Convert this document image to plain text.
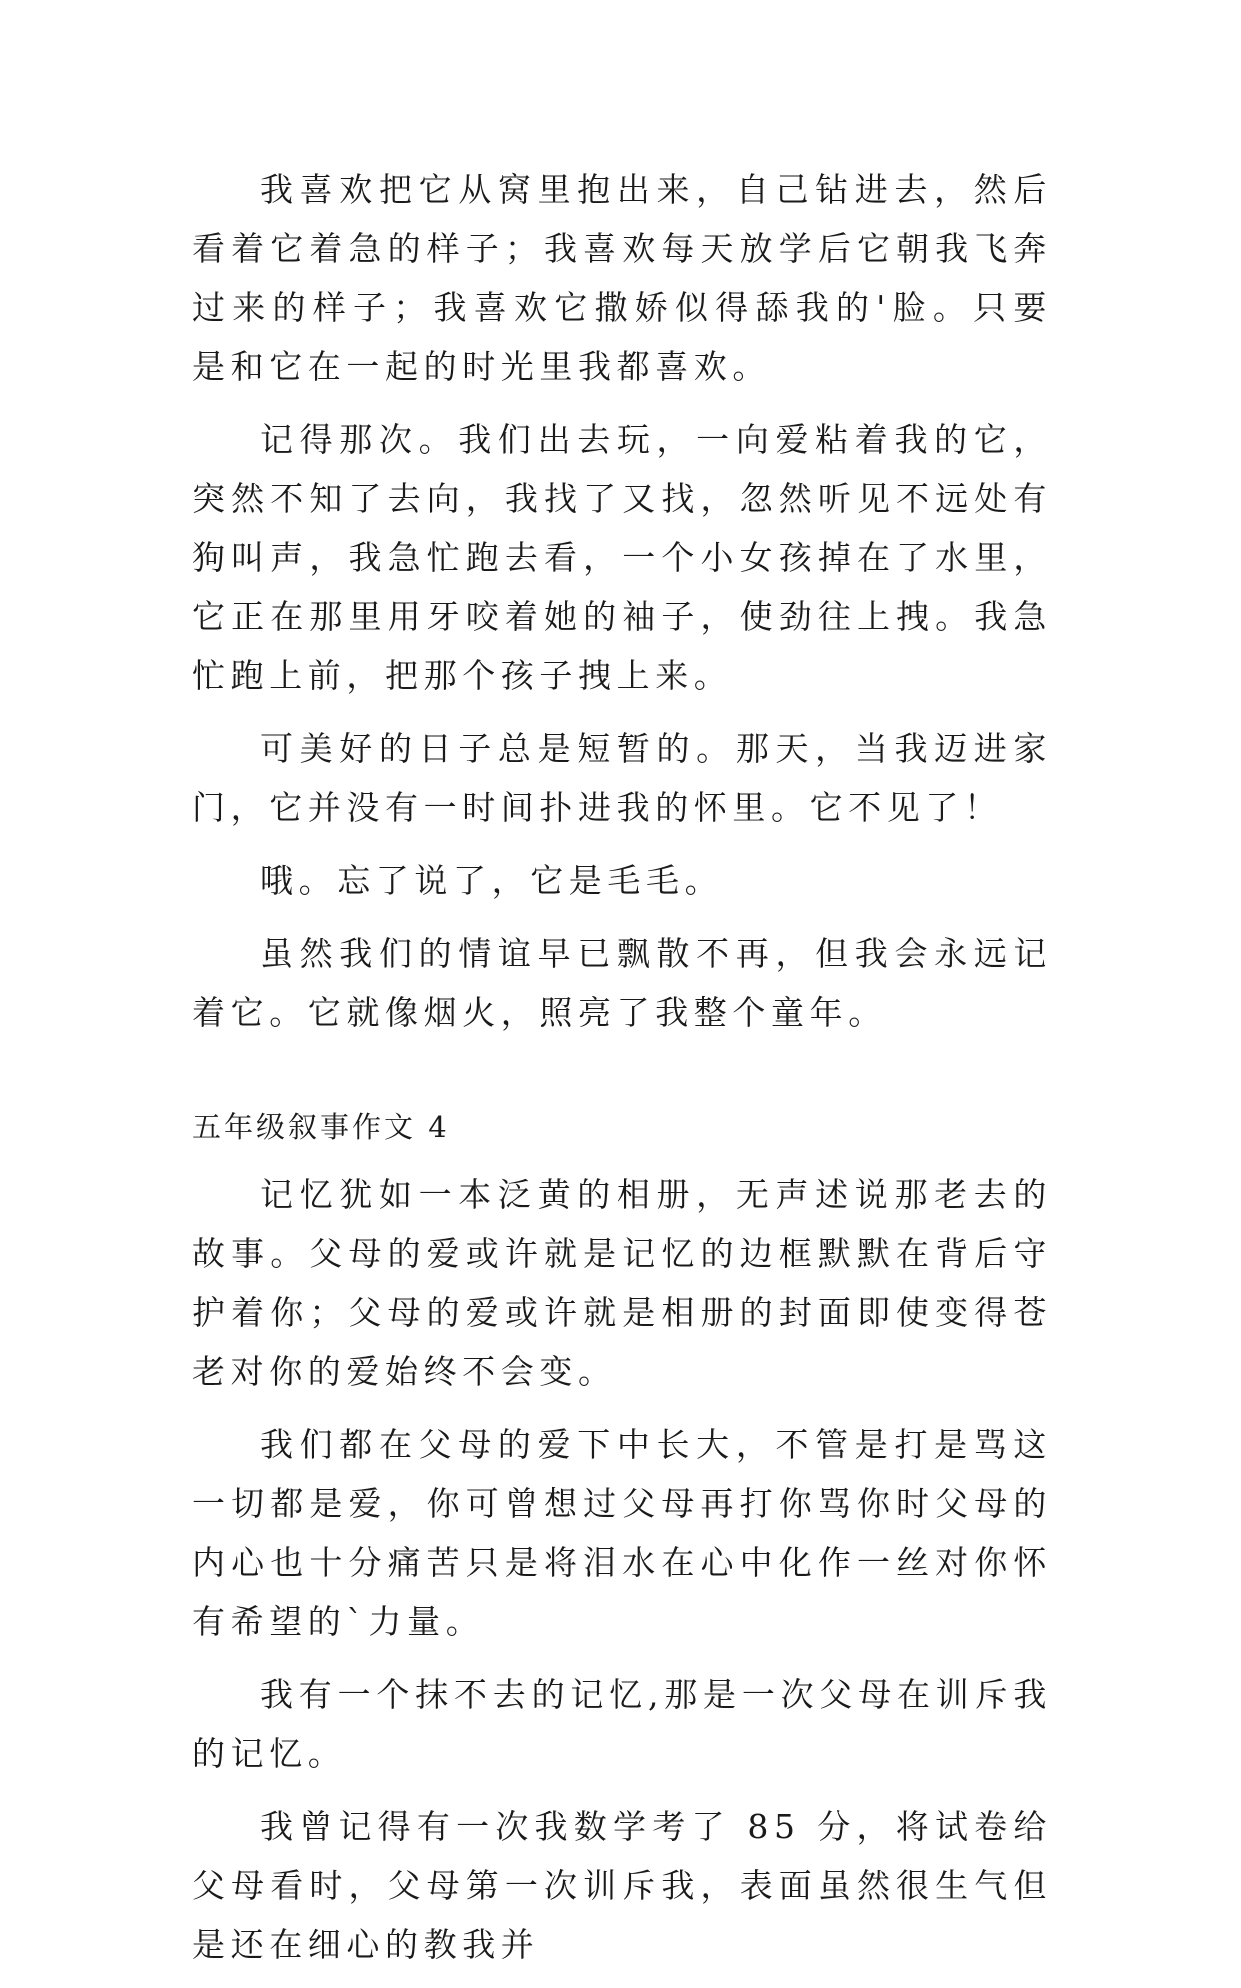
我喜欢把它从窝里抱出来，自己钻进去，然后看着它着急的样子；我喜欢每天放学后它朝我飞奔过来的样子；我喜欢它撒娇似得舔我的'脸。只要是和它在一起的时光里我都喜欢。

记得那次。我们出去玩，一向爱粘着我的它，突然不知了去向，我找了又找，忽然听见不远处有狗叫声，我急忙跑去看，一个小女孩掉在了水里，它正在那里用牙咬着她的袖子，使劲往上拽。我急忙跑上前，把那个孩子拽上来。

可美好的日子总是短暂的。那天，当我迈进家门，它并没有一时间扑进我的怀里。它不见了！

哦。忘了说了，它是毛毛。

虽然我们的情谊早已飘散不再，但我会永远记着它。它就像烟火，照亮了我整个童年。

五年级叙事作文 4

记忆犹如一本泛黄的相册，无声述说那老去的故事。父母的爱或许就是记忆的边框默默在背后守护着你；父母的爱或许就是相册的封面即使变得苍老对你的爱始终不会变。

我们都在父母的爱下中长大，不管是打是骂这一切都是爱，你可曾想过父母再打你骂你时父母的内心也十分痛苦只是将泪水在心中化作一丝对你怀有希望的`力量。

我有一个抹不去的记忆,那是一次父母在训斥我的记忆。

我曾记得有一次我数学考了 85 分，将试卷给父母看时，父母第一次训斥我，表面虽然很生气但是还在细心的教我并
